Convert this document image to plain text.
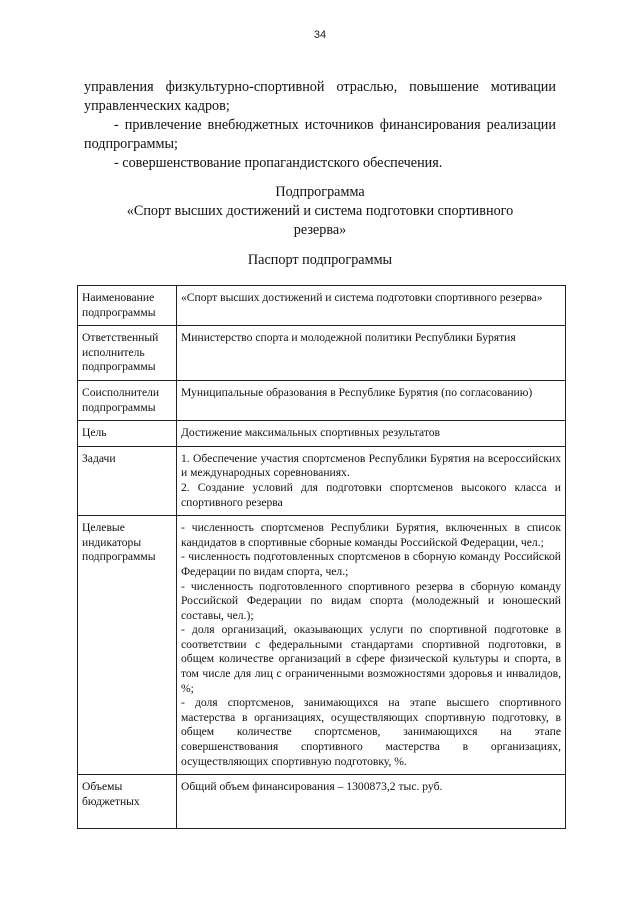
34

управления физкультурно-спортивной отраслью, повышение мотивации управленческих кадров;

- привлечение внебюджетных источников финансирования реализации подпрограммы;

- совершенствование пропагандистского обеспечения.

Подпрограмма
«Спорт высших достижений и система подготовки спортивного резерва»
Паспорт подпрограммы
Наименование подпрограммы	«Спорт высших достижений и система подготовки спортивного резерва»
Ответственный исполнитель подпрограммы	Министерство спорта и молодежной политики Республики Бурятия
Соисполнители подпрограммы	Муниципальные образования в Республике Бурятия (по согласованию)
Цель	Достижение максимальных спортивных результатов
Задачи	1. Обеспечение участия спортсменов Республики Бурятия на всероссийских и международных соревнованиях.

2. Создание условий для подготовки спортсменов высокого класса и спортивного резерва

Целевые индикаторы подпрограммы	- численность спортсменов Республики Бурятия, включенных в список кандидатов в спортивные сборные команды Российской Федерации, чел.;

- численность подготовленных спортсменов в сборную команду Российской Федерации по видам спорта, чел.;

- численность подготовленного спортивного резерва в сборную команду Российской Федерации по видам спорта (молодежный и юношеский составы, чел.);

- доля организаций, оказывающих услуги по спортивной подготовке в соответствии с федеральными стандартами спортивной подготовки, в общем количестве организаций в сфере физической культуры и спорта, в том числе для лиц с ограниченными возможностями здоровья и инвалидов, %;

- доля спортсменов, занимающихся на этапе высшего спортивного мастерства в организациях, осуществляющих спортивную подготовку, в общем количестве спортсменов, занимающихся на этапе совершенствования спортивного мастерства в организациях, осуществляющих спортивную подготовку, %.

Объемы бюджетных	Общий объем финансирования – 1300873,2 тыс. руб.
